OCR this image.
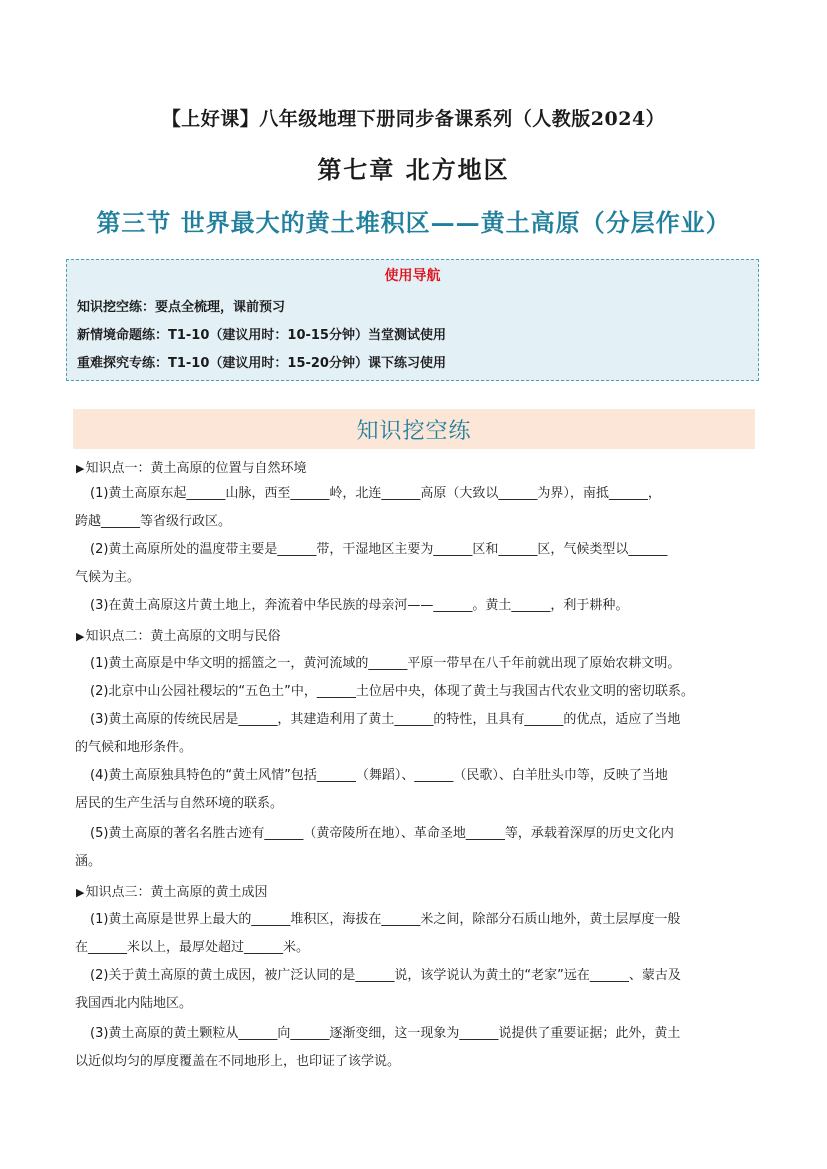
【上好课】八年级地理下册同步备课系列（人教版2024）
第七章 北方地区
第三节 世界最大的黄土堆积区——黄土高原（分层作业）
使用导航
知识挖空练：要点全梳理，课前预习
新情境命题练：T1-10（建议用时：10-15分钟）当堂测试使用
重难探究专练：T1-10（建议用时：15-20分钟）课下练习使用
知识挖空练
▶知识点一：黄土高原的位置与自然环境
(1)黄土高原东起______山脉，西至______岭，北连______高原（大致以______为界），南抵______，
跨越______等省级行政区。
(2)黄土高原所处的温度带主要是______带，干湿地区主要为______区和______区，气候类型以______
气候为主。
(3)在黄土高原这片黄土地上，奔流着中华民族的母亲河——______。黄土______，利于耕种。
▶知识点二：黄土高原的文明与民俗
(1)黄土高原是中华文明的摇篮之一，黄河流域的______平原一带早在八千年前就出现了原始农耕文明。
(2)北京中山公园社稷坛的“五色土”中，______土位居中央，体现了黄土与我国古代农业文明的密切联系。
(3)黄土高原的传统民居是______，其建造利用了黄土______的特性，且具有______的优点，适应了当地
的气候和地形条件。
(4)黄土高原独具特色的“黄土风情”包括______（舞蹈）、______（民歌）、白羊肚头巾等，反映了当地
居民的生产生活与自然环境的联系。
(5)黄土高原的著名名胜古迹有______（黄帝陵所在地）、革命圣地______等，承载着深厚的历史文化内
涵。
▶知识点三：黄土高原的黄土成因
(1)黄土高原是世界上最大的______堆积区，海拔在______米之间，除部分石质山地外，黄土层厚度一般
在______米以上，最厚处超过______米。
(2)关于黄土高原的黄土成因，被广泛认同的是______说，该学说认为黄土的“老家”远在______、蒙古及
我国西北内陆地区。
(3)黄土高原的黄土颗粒从______向______逐渐变细，这一现象为______说提供了重要证据；此外，黄土
以近似均匀的厚度覆盖在不同地形上，也印证了该学说。
